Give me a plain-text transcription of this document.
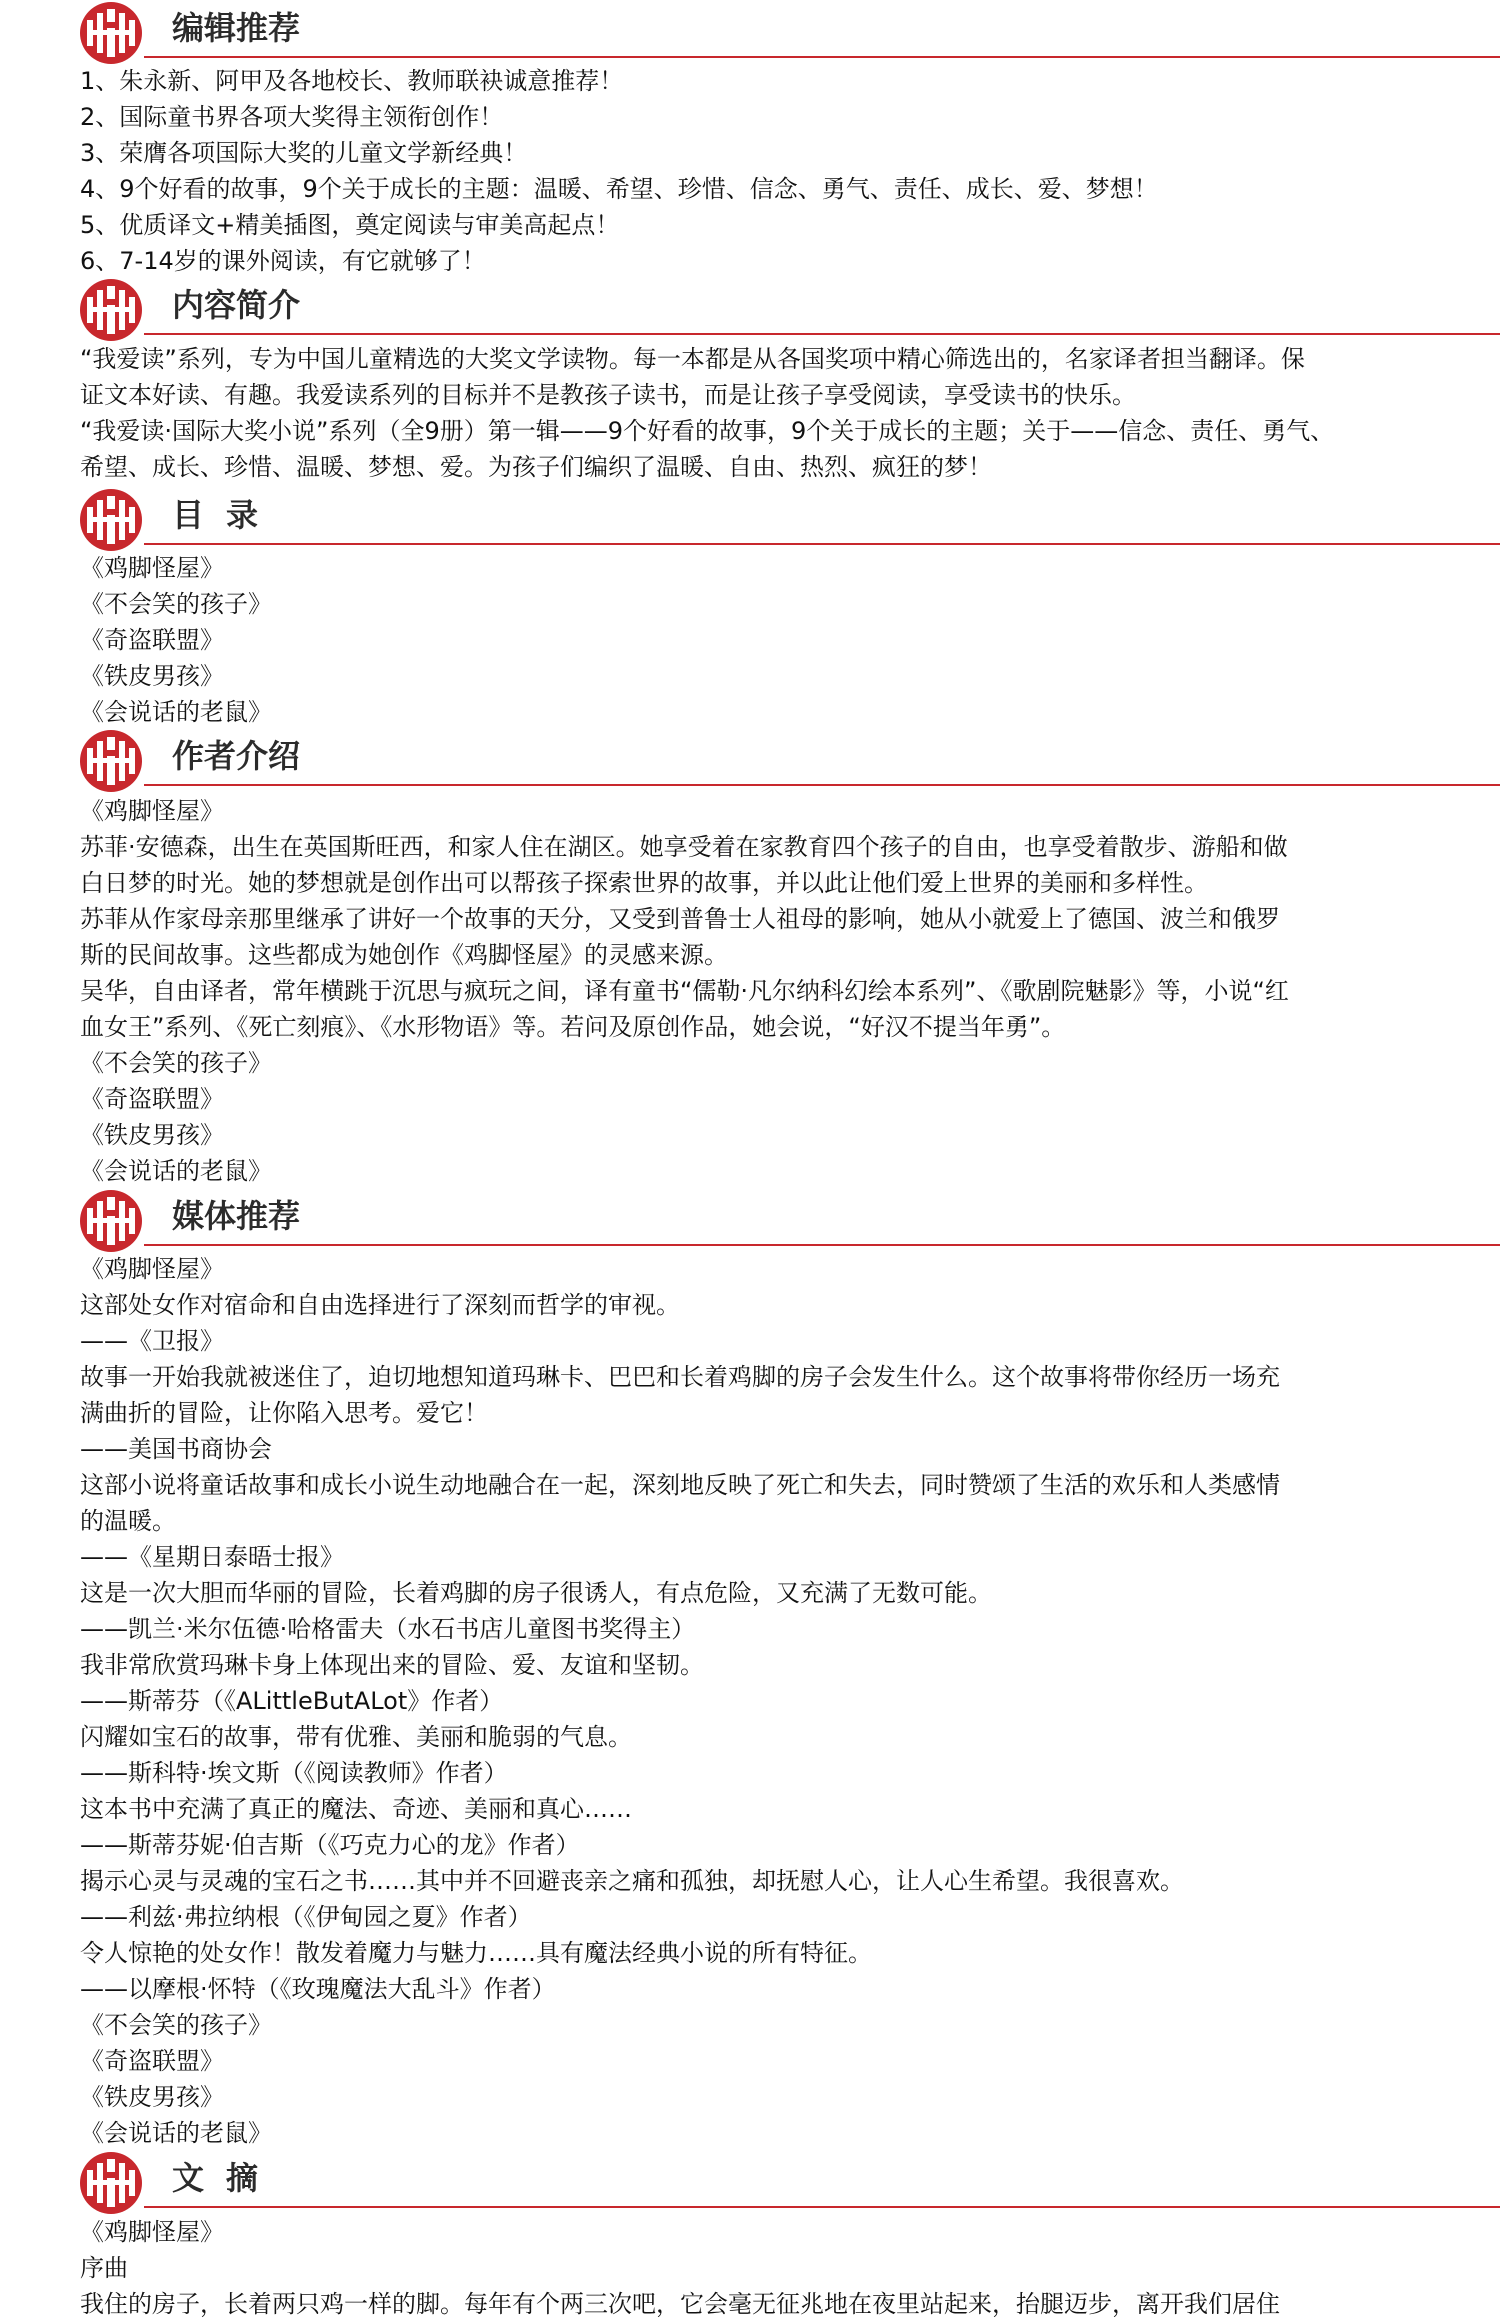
编辑推荐
1、朱永新、阿甲及各地校长、教师联袂诚意推荐！
2、国际童书界各项大奖得主领衔创作！
3、荣膺各项国际大奖的儿童文学新经典！
4、9个好看的故事，9个关于成长的主题：温暖、希望、珍惜、信念、勇气、责任、成长、爱、梦想！
5、优质译文+精美插图，奠定阅读与审美高起点！
6、7-14岁的课外阅读，有它就够了！
内容简介
“我爱读”系列，专为中国儿童精选的大奖文学读物。每一本都是从各国奖项中精心筛选出的，名家译者担当翻译。保
证文本好读、有趣。我爱读系列的目标并不是教孩子读书，而是让孩子享受阅读，享受读书的快乐。
“我爱读·国际大奖小说”系列（全9册）第一辑——9个好看的故事，9个关于成长的主题；关于——信念、责任、勇气、
希望、成长、珍惜、温暖、梦想、爱。为孩子们编织了温暖、自由、热烈、疯狂的梦！
目录
《鸡脚怪屋》
《不会笑的孩子》
《奇盗联盟》
《铁皮男孩》
《会说话的老鼠》
作者介绍
《鸡脚怪屋》
苏菲·安德森，出生在英国斯旺西，和家人住在湖区。她享受着在家教育四个孩子的自由，也享受着散步、游船和做
白日梦的时光。她的梦想就是创作出可以帮孩子探索世界的故事，并以此让他们爱上世界的美丽和多样性。
苏菲从作家母亲那里继承了讲好一个故事的天分，又受到普鲁士人祖母的影响，她从小就爱上了德国、波兰和俄罗
斯的民间故事。这些都成为她创作《鸡脚怪屋》的灵感来源。
吴华，自由译者，常年横跳于沉思与疯玩之间，译有童书“儒勒·凡尔纳科幻绘本系列”、《歌剧院魅影》等，小说“红
血女王”系列、《死亡刻痕》、《水形物语》等。若问及原创作品，她会说，“好汉不提当年勇”。
《不会笑的孩子》
《奇盗联盟》
《铁皮男孩》
《会说话的老鼠》
媒体推荐
《鸡脚怪屋》
这部处女作对宿命和自由选择进行了深刻而哲学的审视。
——《卫报》
故事一开始我就被迷住了，迫切地想知道玛琳卡、巴巴和长着鸡脚的房子会发生什么。这个故事将带你经历一场充
满曲折的冒险，让你陷入思考。爱它！
——美国书商协会
这部小说将童话故事和成长小说生动地融合在一起，深刻地反映了死亡和失去，同时赞颂了生活的欢乐和人类感情
的温暖。
——《星期日泰晤士报》
这是一次大胆而华丽的冒险，长着鸡脚的房子很诱人，有点危险，又充满了无数可能。
——凯兰·米尔伍德·哈格雷夫（水石书店儿童图书奖得主）
我非常欣赏玛琳卡身上体现出来的冒险、爱、友谊和坚韧。
——斯蒂芬（《ALittleButALot》作者）
闪耀如宝石的故事，带有优雅、美丽和脆弱的气息。
——斯科特·埃文斯（《阅读教师》作者）
这本书中充满了真正的魔法、奇迹、美丽和真心……
——斯蒂芬妮·伯吉斯（《巧克力心的龙》作者）
揭示心灵与灵魂的宝石之书……其中并不回避丧亲之痛和孤独，却抚慰人心，让人心生希望。我很喜欢。
——利兹·弗拉纳根（《伊甸园之夏》作者）
令人惊艳的处女作！散发着魔力与魅力……具有魔法经典小说的所有特征。
——以摩根·怀特（《玫瑰魔法大乱斗》作者）
《不会笑的孩子》
《奇盗联盟》
《铁皮男孩》
《会说话的老鼠》
文摘
《鸡脚怪屋》
序曲
我住的房子，长着两只鸡一样的脚。每年有个两三次吧，它会毫无征兆地在夜里站起来，抬腿迈步，离开我们居住
